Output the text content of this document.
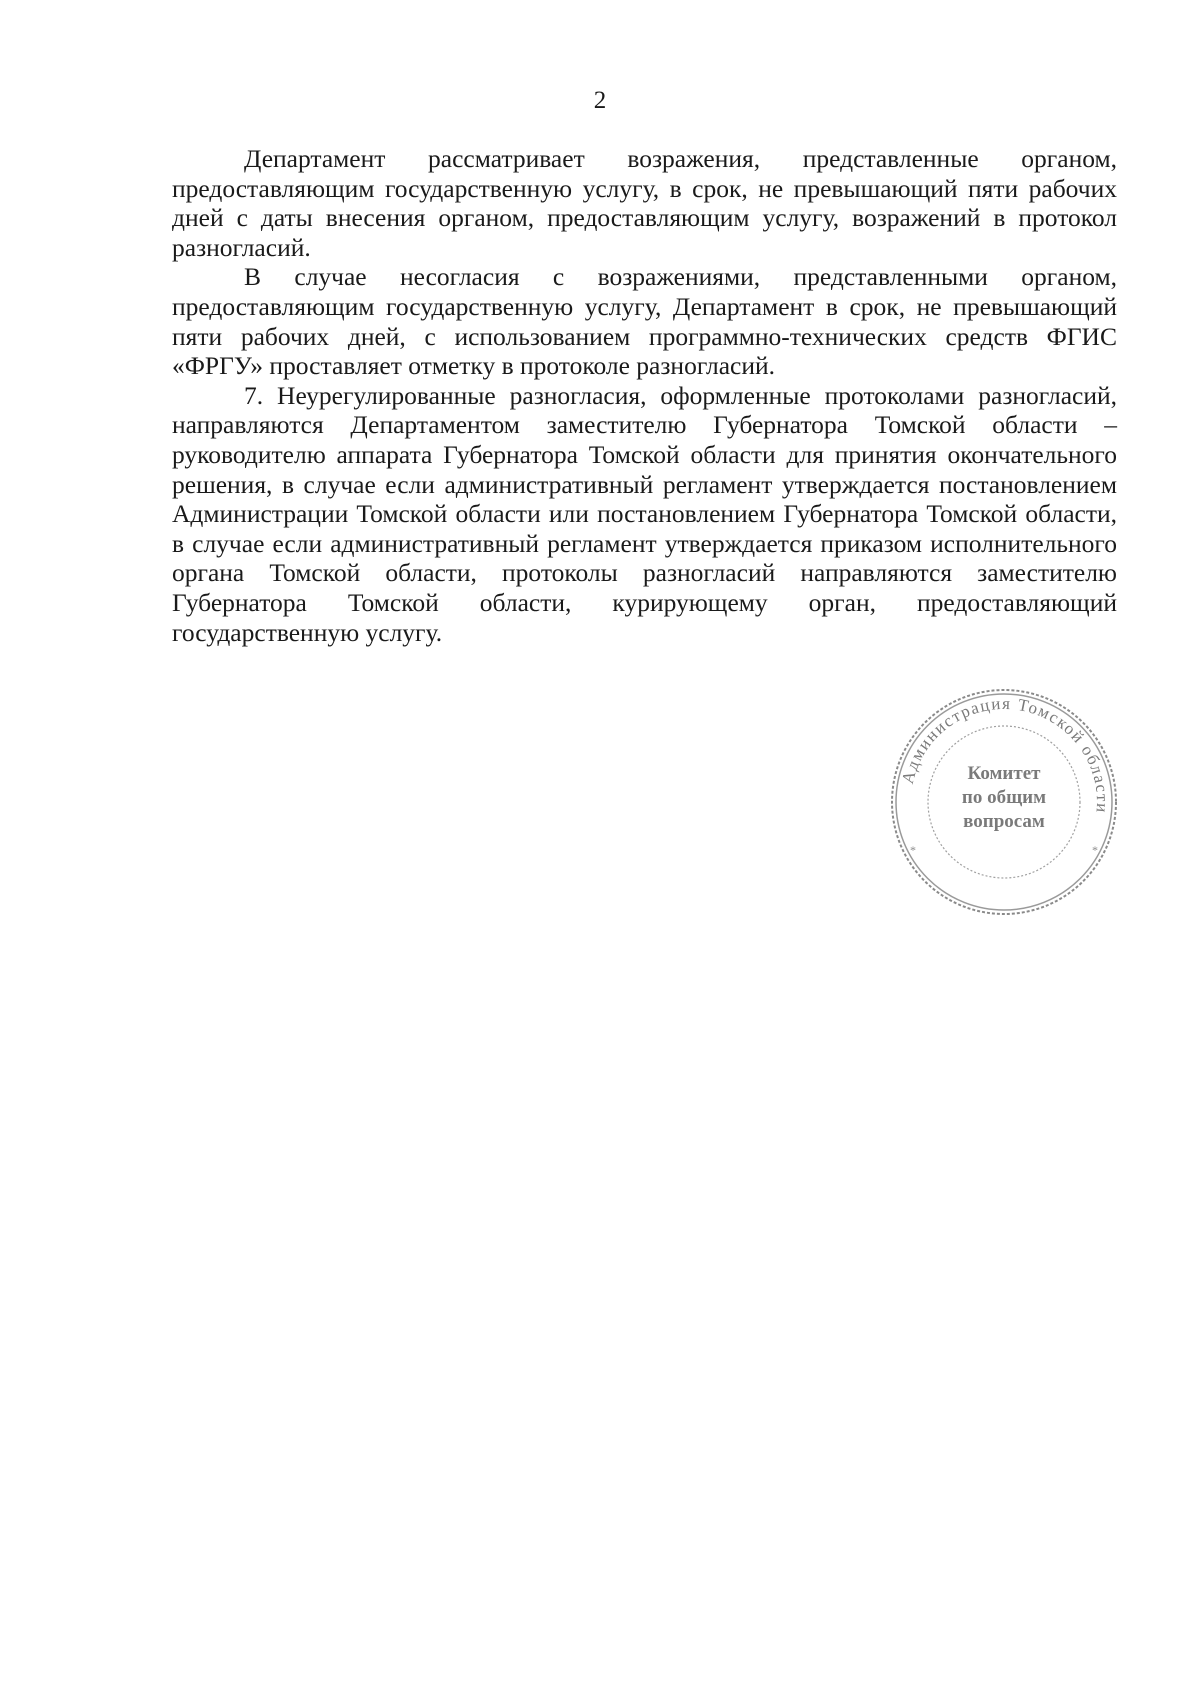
2

Департамент рассматривает возражения, представленные органом, предоставляющим государственную услугу, в срок, не превышающий пяти рабочих дней с даты внесения органом, предоставляющим услугу, возражений в протокол разногласий.

В случае несогласия с возражениями, представленными органом, предоставляющим государственную услугу, Департамент в срок, не превышающий пяти рабочих дней, с использованием программно-технических средств ФГИС «ФРГУ» проставляет отметку в протоколе разногласий.

7. Неурегулированные разногласия, оформленные протоколами разногласий, направляются Департаментом заместителю Губернатора Томской области – руководителю аппарата Губернатора Томской области для принятия окончательного решения, в случае если административный регламент утверждается постановлением Администрации Томской области или постановлением Губернатора Томской области, в случае если административный регламент утверждается приказом исполнительного органа Томской области, протоколы разногласий направляются заместителю Губернатора Томской области, курирующему орган, предоставляющий государственную услугу.

Администрация Томской области
*	*
Комитет
по общим
вопросам
